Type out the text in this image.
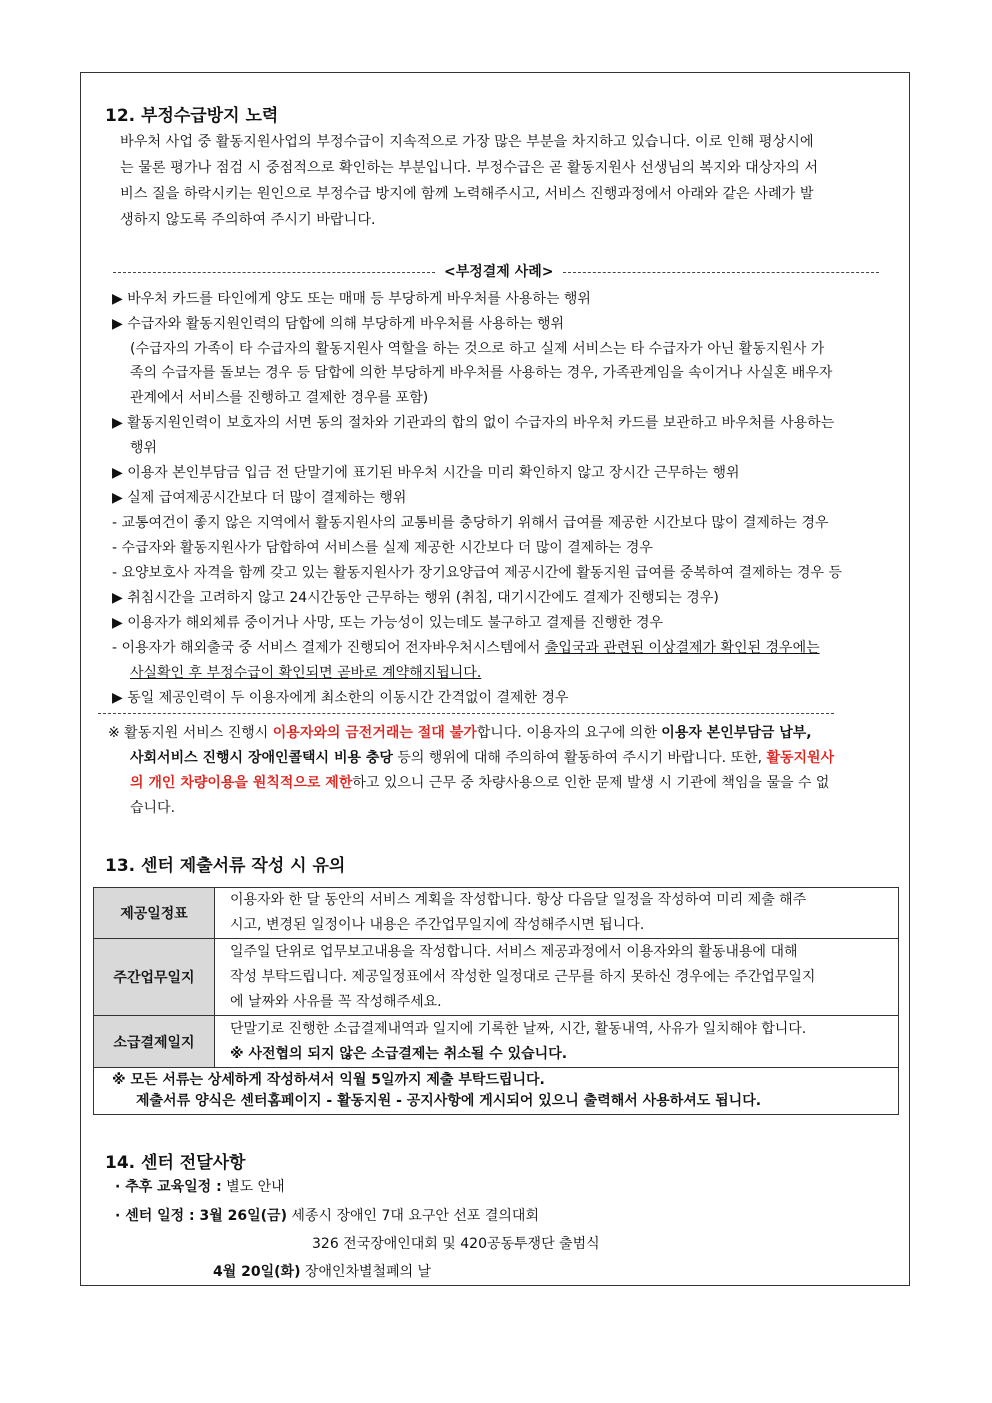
12. 부정수급방지 노력
바우처 사업 중 활동지원사업의 부정수급이 지속적으로 가장 많은 부분을 차지하고 있습니다. 이로 인해 평상시에
는 물론 평가나 점검 시 중점적으로 확인하는 부분입니다. 부정수급은 곧 활동지원사 선생님의 복지와 대상자의 서
비스 질을 하락시키는 원인으로 부정수급 방지에 함께 노력해주시고, 서비스 진행과정에서 아래와 같은 사례가 발
생하지 않도록 주의하여 주시기 바랍니다.
<부정결제 사례>
▶ 바우처 카드를 타인에게 양도 또는 매매 등 부당하게 바우처를 사용하는 행위
▶ 수급자와 활동지원인력의 담합에 의해 부당하게 바우처를 사용하는 행위
(수급자의 가족이 타 수급자의 활동지원사 역할을 하는 것으로 하고 실제 서비스는 타 수급자가 아닌 활동지원사 가
족의 수급자를 돌보는 경우 등 담합에 의한 부당하게 바우처를 사용하는 경우, 가족관계임을 속이거나 사실혼 배우자
관계에서 서비스를 진행하고 결제한 경우를 포함)
▶ 활동지원인력이 보호자의 서면 동의 절차와 기관과의 합의 없이 수급자의 바우처 카드를 보관하고 바우처를 사용하는
행위
▶ 이용자 본인부담금 입금 전 단말기에 표기된 바우처 시간을 미리 확인하지 않고 장시간 근무하는 행위
▶ 실제 급여제공시간보다 더 많이 결제하는 행위
- 교통여건이 좋지 않은 지역에서 활동지원사의 교통비를 충당하기 위해서 급여를 제공한 시간보다 많이 결제하는 경우
- 수급자와 활동지원사가 담합하여 서비스를 실제 제공한 시간보다 더 많이 결제하는 경우
- 요양보호사 자격을 함께 갖고 있는 활동지원사가 장기요양급여 제공시간에 활동지원 급여를 중복하여 결제하는 경우 등
▶ 취침시간을 고려하지 않고 24시간동안 근무하는 행위 (취침, 대기시간에도 결제가 진행되는 경우)
▶ 이용자가 해외체류 중이거나 사망, 또는 가능성이 있는데도 불구하고 결제를 진행한 경우
- 이용자가 해외출국 중 서비스 결제가 진행되어 전자바우처시스템에서 출입국과 관련된 이상결제가 확인된 경우에는
사실확인 후 부정수급이 확인되면 곧바로 계약해지됩니다.
▶ 동일 제공인력이 두 이용자에게 최소한의 이동시간 간격없이 결제한 경우
※ 활동지원 서비스 진행시 이용자와의 금전거래는 절대 불가합니다. 이용자의 요구에 의한 이용자 본인부담금 납부,
사회서비스 진행시 장애인콜택시 비용 충당 등의 행위에 대해 주의하여 활동하여 주시기 바랍니다. 또한, 활동지원사
의 개인 차량이용을 원칙적으로 제한하고 있으니 근무 중 차량사용으로 인한 문제 발생 시 기관에 책임을 물을 수 없
습니다.
13. 센터 제출서류 작성 시 유의
제공일정표	이용자와 한 달 동안의 서비스 계획을 작성합니다. 항상 다음달 일정을 작성하여 미리 제출 해주
시고, 변경된 일정이나 내용은 주간업무일지에 작성해주시면 됩니다.

주간업무일지	일주일 단위로 업무보고내용을 작성합니다. 서비스 제공과정에서 이용자와의 활동내용에 대해
작성 부탁드립니다. 제공일정표에서 작성한 일정대로 근무를 하지 못하신 경우에는 주간업무일지
에 날짜와 사유를 꼭 작성해주세요.

소급결제일지	단말기로 진행한 소급결제내역과 일지에 기록한 날짜, 시간, 활동내역, 사유가 일치해야 합니다.
※ 사전협의 되지 않은 소급결제는 취소될 수 있습니다.

※ 모든 서류는 상세하게 작성하셔서 익월 5일까지 제출 부탁드립니다.
제출서류 양식은 센터홈페이지 - 활동지원 - 공지사항에 게시되어 있으니 출력해서 사용하셔도 됩니다.	
14. 센터 전달사항
· 추후 교육일정 : 별도 안내
· 센터 일정 : 3월 26일(금) 세종시 장애인 7대 요구안 선포 결의대회
326 전국장애인대회 및 420공동투쟁단 출범식
4월 20일(화) 장애인차별철폐의 날
